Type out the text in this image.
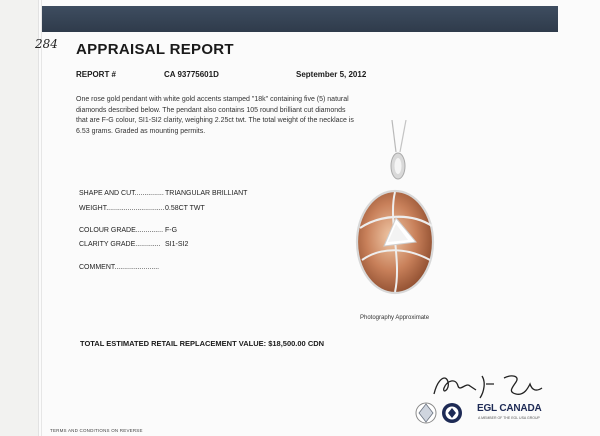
284 APPRAISAL REPORT
REPORT #	CA 93775601D	September 5, 2012
One rose gold pendant with white gold accents stamped "18k" containing five (5) natural diamonds described below. The pendant also contains 105 round brilliant cut diamonds that are F-G colour, SI1-SI2 clarity, weighing 2.25ct twt. The total weight of the necklace is 6.53 grams. Graded as mounting permits.
SHAPE AND CUT...............TRIANGULAR BRILLIANT
WEIGHT..............................0.58CT TWT
COLOUR GRADE.............. F-G
CLARITY GRADE............. SI1-SI2
COMMENT.......................
Photography Approximate
TOTAL ESTIMATED RETAIL REPLACEMENT VALUE: $18,500.00 CDN
EGL CANADA
A MEMBER OF THE EGL USA GROUP
TERMS AND CONDITIONS ON REVERSE
